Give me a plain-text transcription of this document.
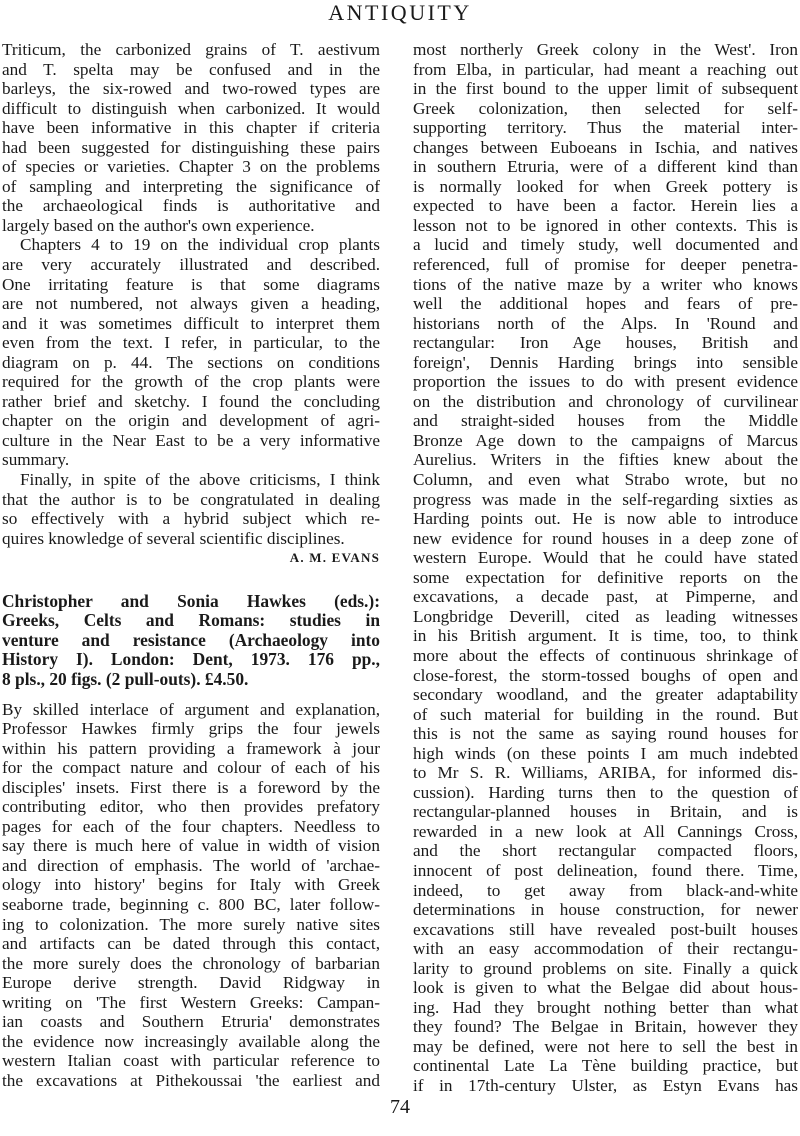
ANTIQUITY
Triticum, the carbonized grains of T. aestivum
and T. spelta may be confused and in the
barleys, the six-rowed and two-rowed types are
difficult to distinguish when carbonized. It would
have been informative in this chapter if criteria
had been suggested for distinguishing these pairs
of species or varieties. Chapter 3 on the problems
of sampling and interpreting the significance of
the archaeological finds is authoritative and
largely based on the author's own experience.
Chapters 4 to 19 on the individual crop plants
are very accurately illustrated and described.
One irritating feature is that some diagrams
are not numbered, not always given a heading,
and it was sometimes difficult to interpret them
even from the text. I refer, in particular, to the
diagram on p. 44. The sections on conditions
required for the growth of the crop plants were
rather brief and sketchy. I found the concluding
chapter on the origin and development of agri-
culture in the Near East to be a very informative
summary.
Finally, in spite of the above criticisms, I think
that the author is to be congratulated in dealing
so effectively with a hybrid subject which re-
quires knowledge of several scientific disciplines.
A. M. EVANS
Christopher and Sonia Hawkes (eds.):
Greeks, Celts and Romans: studies in
venture and resistance (Archaeology into
History I). London: Dent, 1973. 176 pp.,
8 pls., 20 figs. (2 pull-outs). £4.50.
By skilled interlace of argument and explanation,
Professor Hawkes firmly grips the four jewels
within his pattern providing a framework à jour
for the compact nature and colour of each of his
disciples' insets. First there is a foreword by the
contributing editor, who then provides prefatory
pages for each of the four chapters. Needless to
say there is much here of value in width of vision
and direction of emphasis. The world of 'archae-
ology into history' begins for Italy with Greek
seaborne trade, beginning c. 800 BC, later follow-
ing to colonization. The more surely native sites
and artifacts can be dated through this contact,
the more surely does the chronology of barbarian
Europe derive strength. David Ridgway in
writing on 'The first Western Greeks: Campan-
ian coasts and Southern Etruria' demonstrates
the evidence now increasingly available along the
western Italian coast with particular reference to
the excavations at Pithekoussai 'the earliest and
most northerly Greek colony in the West'. Iron
from Elba, in particular, had meant a reaching out
in the first bound to the upper limit of subsequent
Greek colonization, then selected for self-
supporting territory. Thus the material inter-
changes between Euboeans in Ischia, and natives
in southern Etruria, were of a different kind than
is normally looked for when Greek pottery is
expected to have been a factor. Herein lies a
lesson not to be ignored in other contexts. This is
a lucid and timely study, well documented and
referenced, full of promise for deeper penetra-
tions of the native maze by a writer who knows
well the additional hopes and fears of pre-
historians north of the Alps. In 'Round and
rectangular: Iron Age houses, British and
foreign', Dennis Harding brings into sensible
proportion the issues to do with present evidence
on the distribution and chronology of curvilinear
and straight-sided houses from the Middle
Bronze Age down to the campaigns of Marcus
Aurelius. Writers in the fifties knew about the
Column, and even what Strabo wrote, but no
progress was made in the self-regarding sixties as
Harding points out. He is now able to introduce
new evidence for round houses in a deep zone of
western Europe. Would that he could have stated
some expectation for definitive reports on the
excavations, a decade past, at Pimperne, and
Longbridge Deverill, cited as leading witnesses
in his British argument. It is time, too, to think
more about the effects of continuous shrinkage of
close-forest, the storm-tossed boughs of open and
secondary woodland, and the greater adaptability
of such material for building in the round. But
this is not the same as saying round houses for
high winds (on these points I am much indebted
to Mr S. R. Williams, ARIBA, for informed dis-
cussion). Harding turns then to the question of
rectangular-planned houses in Britain, and is
rewarded in a new look at All Cannings Cross,
and the short rectangular compacted floors,
innocent of post delineation, found there. Time,
indeed, to get away from black-and-white
determinations in house construction, for newer
excavations still have revealed post-built houses
with an easy accommodation of their rectangu-
larity to ground problems on site. Finally a quick
look is given to what the Belgae did about hous-
ing. Had they brought nothing better than what
they found? The Belgae in Britain, however they
may be defined, were not here to sell the best in
continental Late La Tène building practice, but
if in 17th-century Ulster, as Estyn Evans has
74
